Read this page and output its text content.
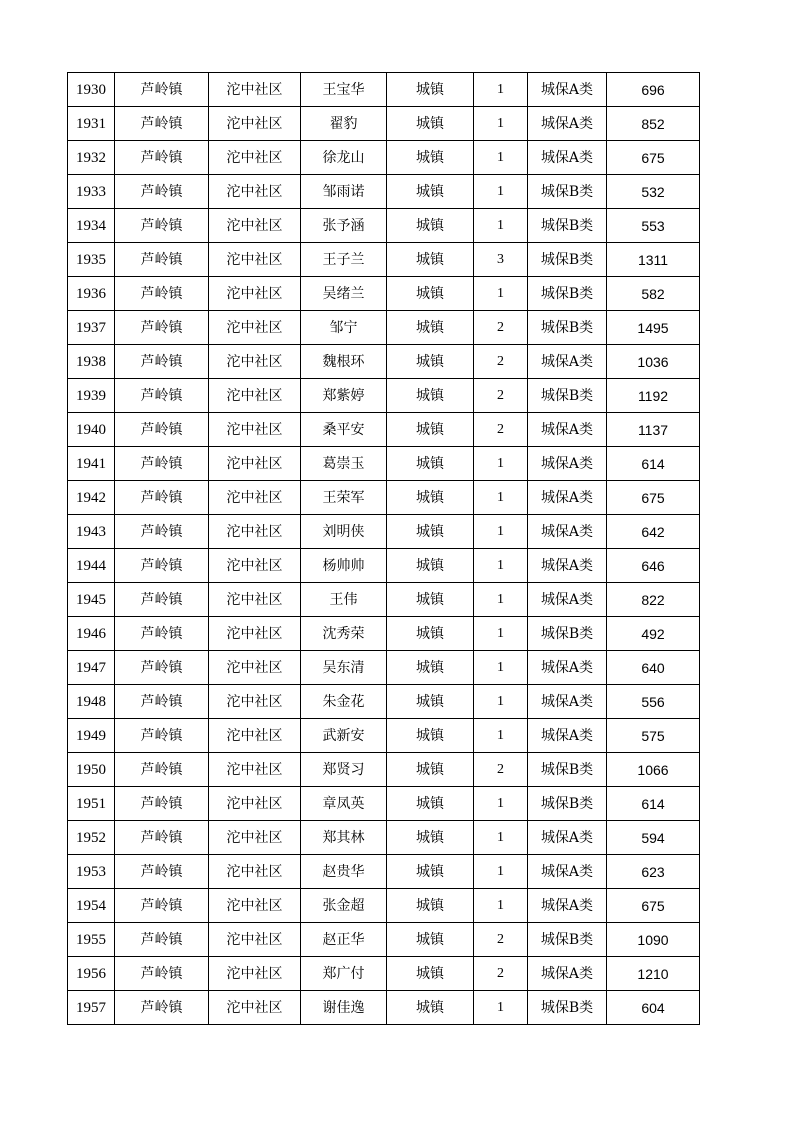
1930	芦岭镇	沱中社区	王宝华	城镇	1	城保A类	696
1931	芦岭镇	沱中社区	翟豹	城镇	1	城保A类	852
1932	芦岭镇	沱中社区	徐龙山	城镇	1	城保A类	675
1933	芦岭镇	沱中社区	邹雨诺	城镇	1	城保B类	532
1934	芦岭镇	沱中社区	张予涵	城镇	1	城保B类	553
1935	芦岭镇	沱中社区	王子兰	城镇	3	城保B类	1311
1936	芦岭镇	沱中社区	吴绪兰	城镇	1	城保B类	582
1937	芦岭镇	沱中社区	邹宁	城镇	2	城保B类	1495
1938	芦岭镇	沱中社区	魏根环	城镇	2	城保A类	1036
1939	芦岭镇	沱中社区	郑紫婷	城镇	2	城保B类	1192
1940	芦岭镇	沱中社区	桑平安	城镇	2	城保A类	1137
1941	芦岭镇	沱中社区	葛崇玉	城镇	1	城保A类	614
1942	芦岭镇	沱中社区	王荣军	城镇	1	城保A类	675
1943	芦岭镇	沱中社区	刘明侠	城镇	1	城保A类	642
1944	芦岭镇	沱中社区	杨帅帅	城镇	1	城保A类	646
1945	芦岭镇	沱中社区	王伟	城镇	1	城保A类	822
1946	芦岭镇	沱中社区	沈秀荣	城镇	1	城保B类	492
1947	芦岭镇	沱中社区	吴东清	城镇	1	城保A类	640
1948	芦岭镇	沱中社区	朱金花	城镇	1	城保A类	556
1949	芦岭镇	沱中社区	武新安	城镇	1	城保A类	575
1950	芦岭镇	沱中社区	郑贤习	城镇	2	城保B类	1066
1951	芦岭镇	沱中社区	章凤英	城镇	1	城保B类	614
1952	芦岭镇	沱中社区	郑其林	城镇	1	城保A类	594
1953	芦岭镇	沱中社区	赵贵华	城镇	1	城保A类	623
1954	芦岭镇	沱中社区	张金超	城镇	1	城保A类	675
1955	芦岭镇	沱中社区	赵正华	城镇	2	城保B类	1090
1956	芦岭镇	沱中社区	郑广付	城镇	2	城保A类	1210
1957	芦岭镇	沱中社区	谢佳逸	城镇	1	城保B类	604
